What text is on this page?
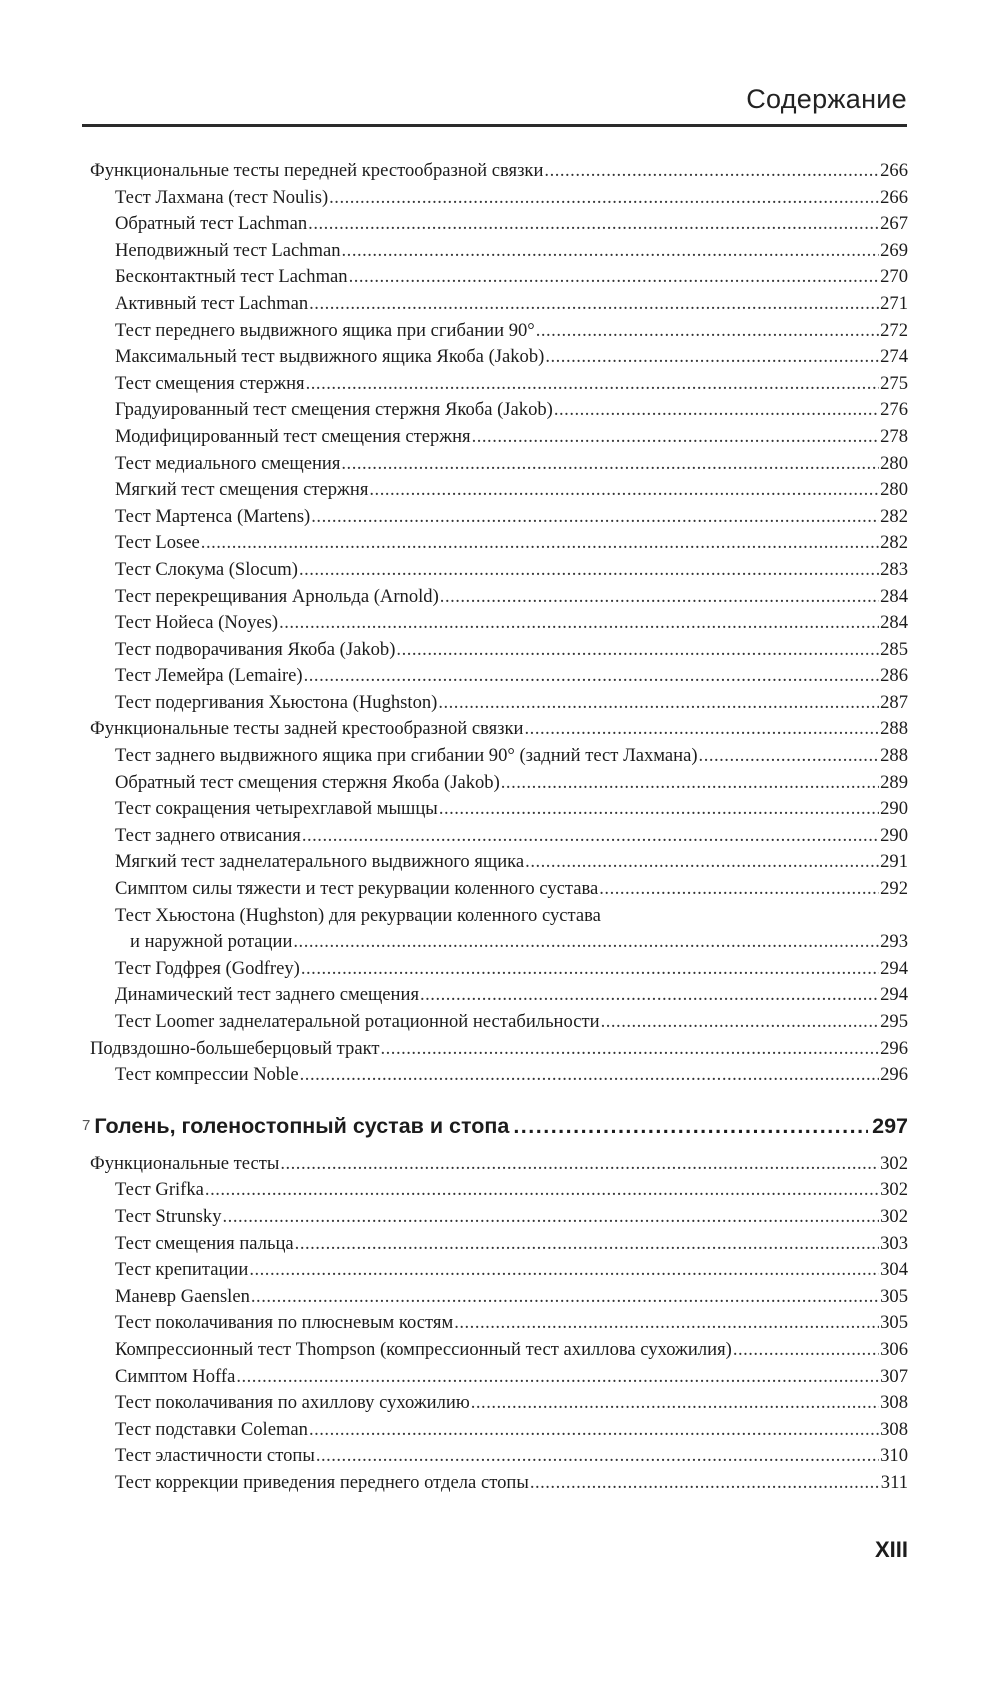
Содержание
Функциональные тесты передней крестообразной связки .....	266
Тест Лахмана (тест Noulis) .....	266
Обратный тест Lachman .....	267
Неподвижный тест Lachman .....	269
Бесконтактный тест Lachman .....	270
Активный тест Lachman .....	271
Тест переднего выдвижного ящика при сгибании 90° .....	272
Максимальный тест выдвижного ящика Якоба (Jakob) .....	274
Тест смещения стержня .....	275
Градуированный тест смещения стержня Якоба (Jakob) .....	276
Модифицированный тест смещения стержня .....	278
Тест медиального смещения .....	280
Мягкий тест смещения стержня .....	280
Тест Мартенса (Martens) .....	282
Тест Losee .....	282
Тест Слокума (Slocum) .....	283
Тест перекрещивания Арнольда (Arnold) .....	284
Тест Нойеса (Noyes) .....	284
Тест подворачивания Якоба (Jakob) .....	285
Тест Лемейра (Lemaire) .....	286
Тест подергивания Хьюстона (Hughston) .....	287
Функциональные тесты задней крестообразной связки .....	288
Тест заднего выдвижного ящика при сгибании 90° (задний тест Лахмана) .....	288
Обратный тест смещения стержня Якоба (Jakob) .....	289
Тест сокращения четырехглавой мышцы .....	290
Тест заднего отвисания .....	290
Мягкий тест заднелатерального выдвижного ящика .....	291
Симптом силы тяжести и тест рекурвации коленного сустава .....	292
Тест Хьюстона (Hughston) для рекурвации коленного сустава
и наружной ротации .....	293
Тест Годфрея (Godfrey) .....	294
Динамический тест заднего смещения .....	294
Тест Loomer заднелатеральной ротационной нестабильности .....	295
Подвздошно-большеберцовый тракт .....	296
Тест компрессии Noble .....	296
7 Голень, голеностопный сустав и стопа .....	297
Функциональные тесты .....	302
Тест Grifka .....	302
Тест Strunsky .....	302
Тест смещения пальца .....	303
Тест крепитации .....	304
Маневр Gaenslen .....	305
Тест поколачивания по плюсневым костям .....	305
Компрессионный тест Thompson (компрессионный тест ахиллова сухожилия) .....	306
Симптом Hoffa .....	307
Тест поколачивания по ахиллову сухожилию .....	308
Тест подставки Coleman .....	308
Тест эластичности стопы .....	310
Тест коррекции приведения переднего отдела стопы .....	311
XIII
